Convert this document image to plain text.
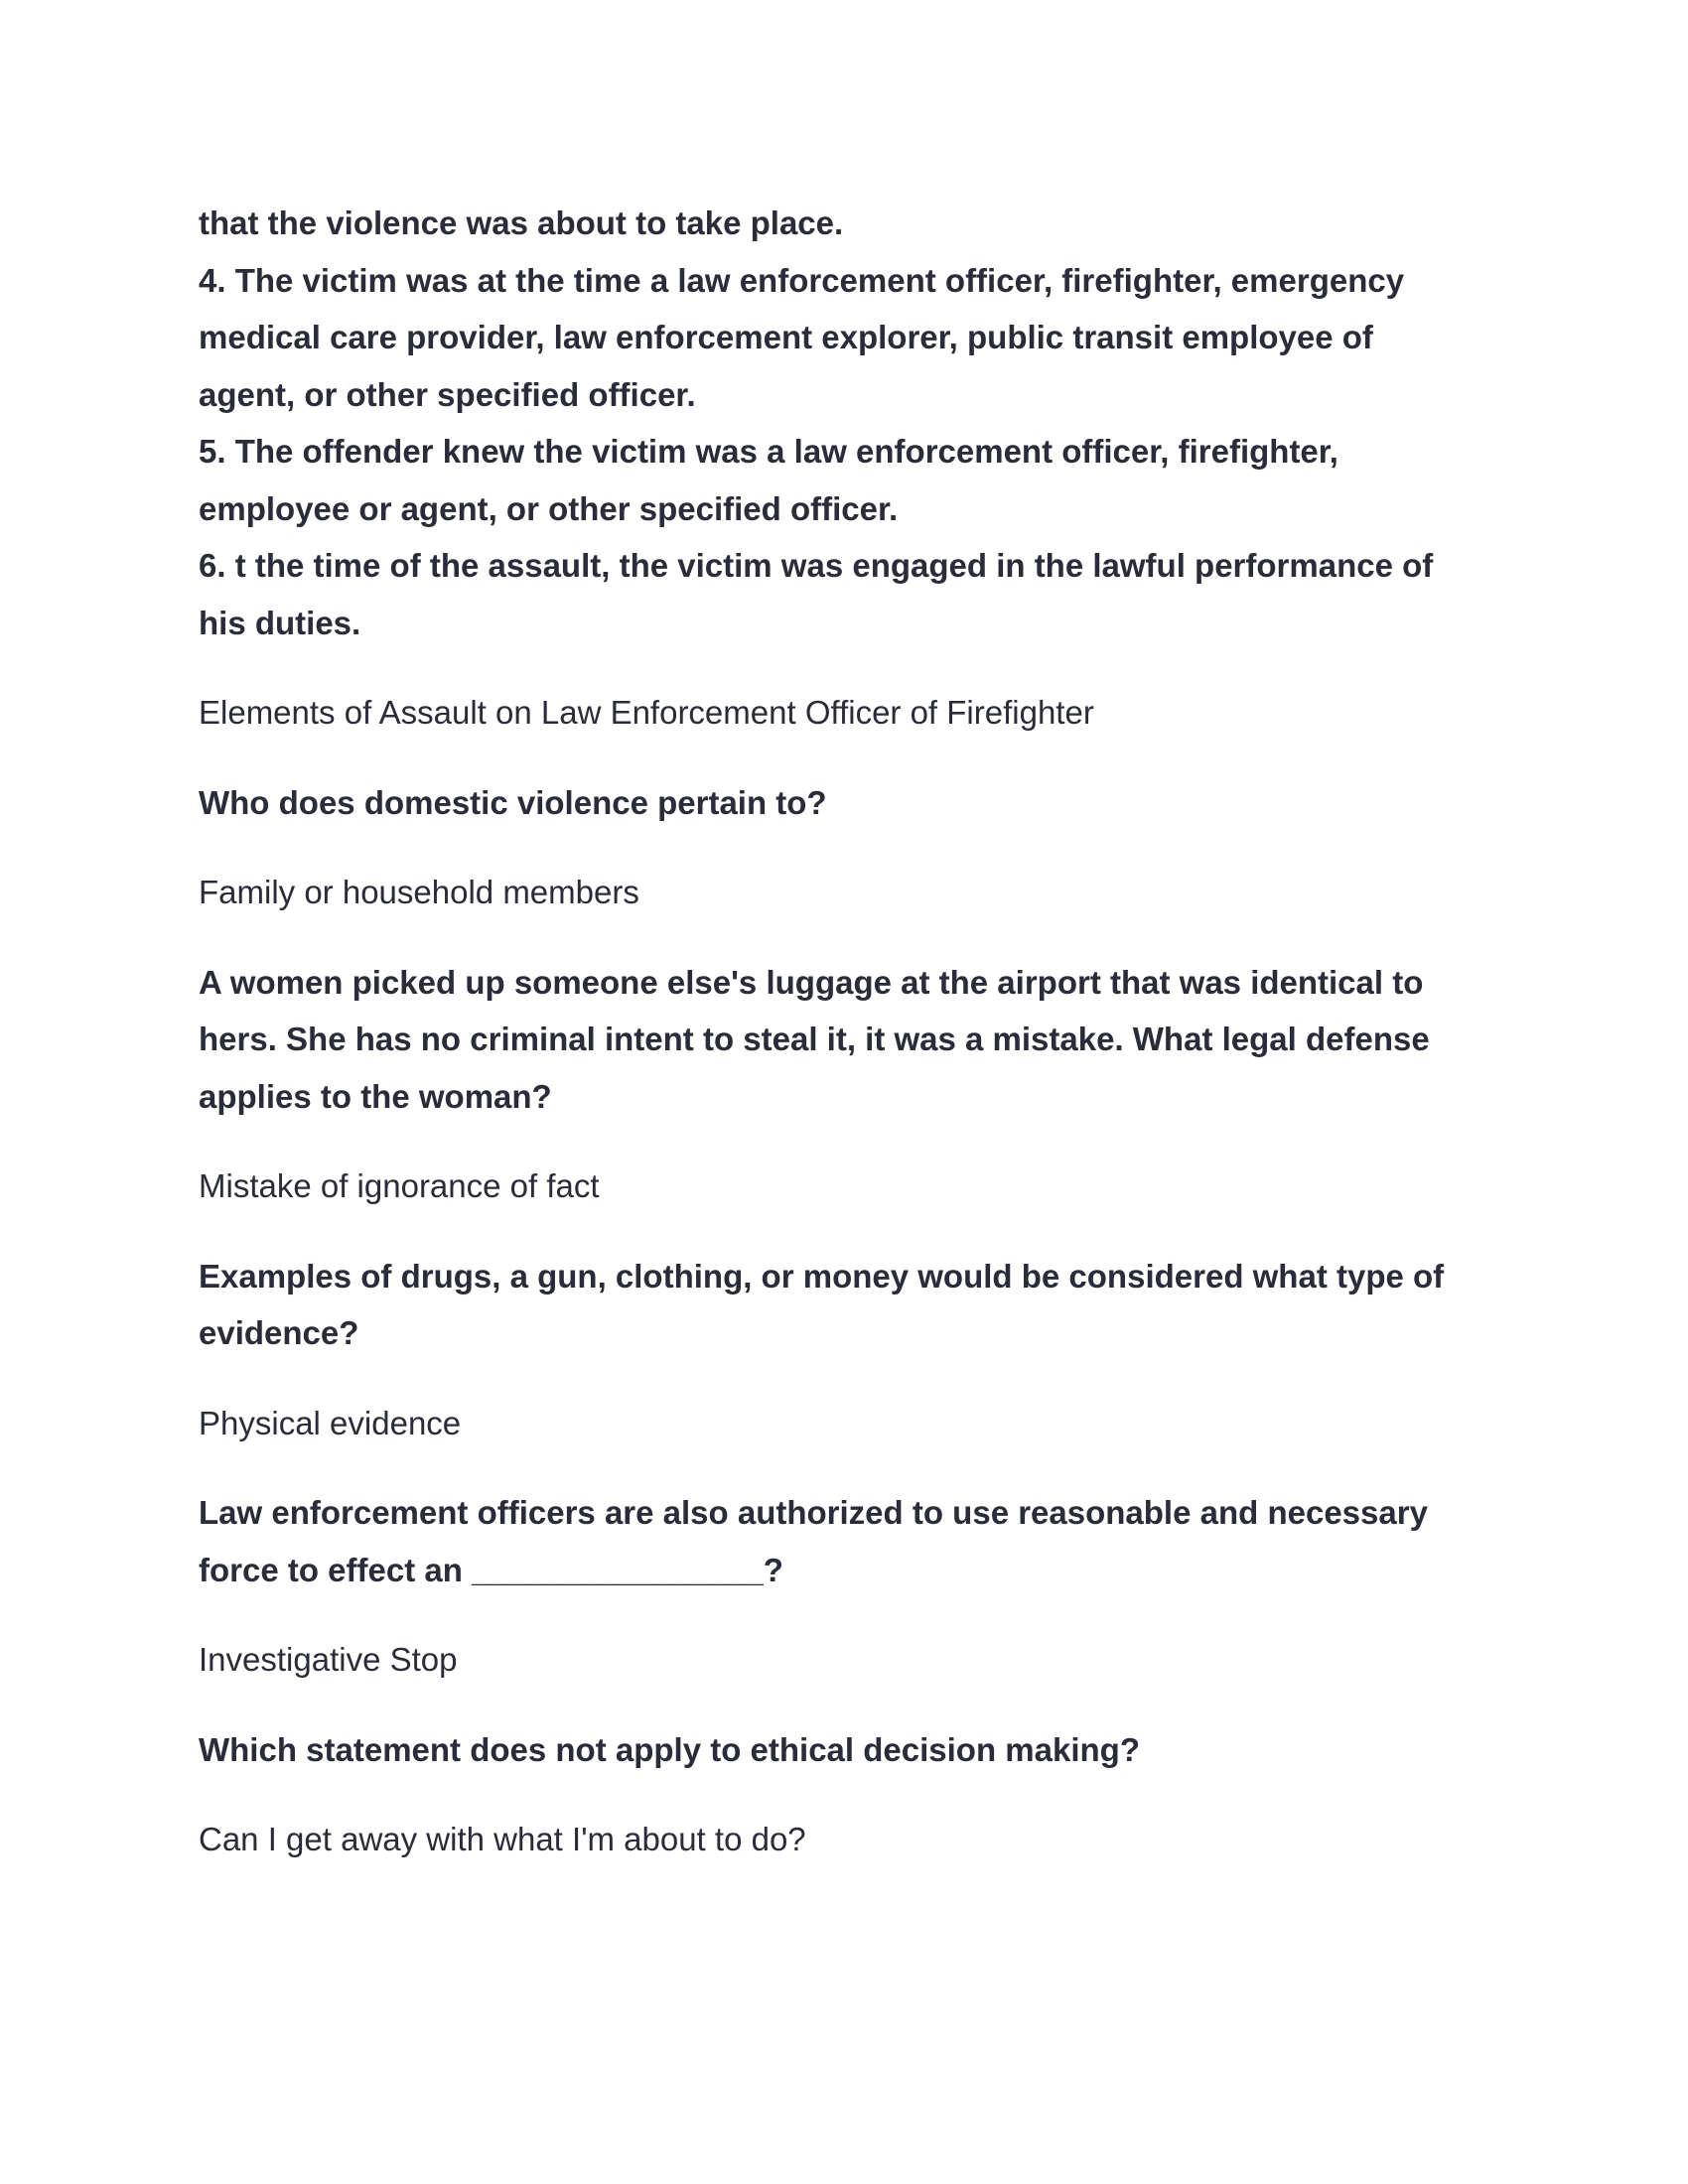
that the violence was about to take place.
4. The victim was at the time a law enforcement officer, firefighter, emergency
medical care provider, law enforcement explorer, public transit employee of
agent, or other specified officer.
5. The offender knew the victim was a law enforcement officer, firefighter,
employee or agent, or other specified officer.
6. t the time of the assault, the victim was engaged in the lawful performance of
his duties.

Elements of Assault on Law Enforcement Officer of Firefighter

Who does domestic violence pertain to?

Family or household members

A women picked up someone else's luggage at the airport that was identical to
hers. She has no criminal intent to steal it, it was a mistake. What legal defense
applies to the woman?

Mistake of ignorance of fact

Examples of drugs, a gun, clothing, or money would be considered what type of
evidence?

Physical evidence

Law enforcement officers are also authorized to use reasonable and necessary
force to effect an ________________?

Investigative Stop

Which statement does not apply to ethical decision making?

Can I get away with what I'm about to do?
